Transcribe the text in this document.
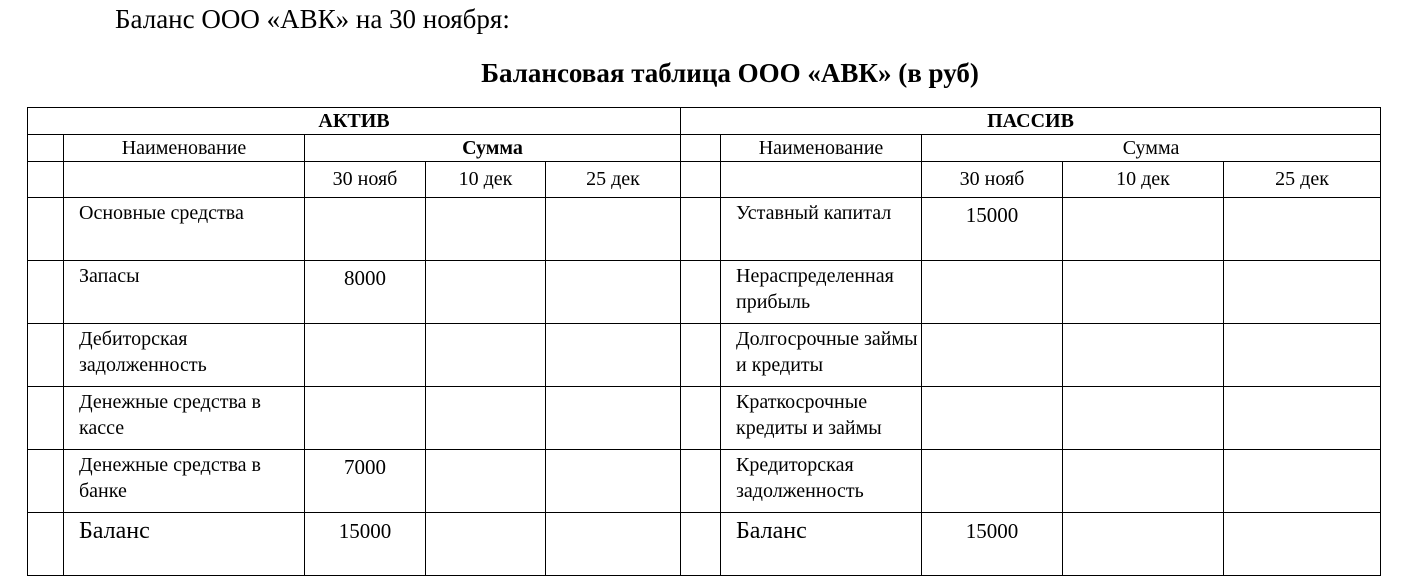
Баланс ООО «АВК» на 30 ноября:
Балансовая таблица ООО «АВК» (в руб)
АКТИВ					ПАССИВ				
	Наименование	Сумма				Наименование	Сумма		
		30 нояб	10 дек	25 дек			30 нояб	10 дек	25 дек
	Основные средства					Уставный капитал	15000		
	Запасы	8000				Нераспределенная прибыль			
	Дебиторская задолженность					Долгосрочные займы и кредиты			
	Денежные средства в кассе					Краткосрочные кредиты и займы			
	Денежные средства в банке	7000				Кредиторская задолженность			
	Баланс	15000				Баланс	15000		
